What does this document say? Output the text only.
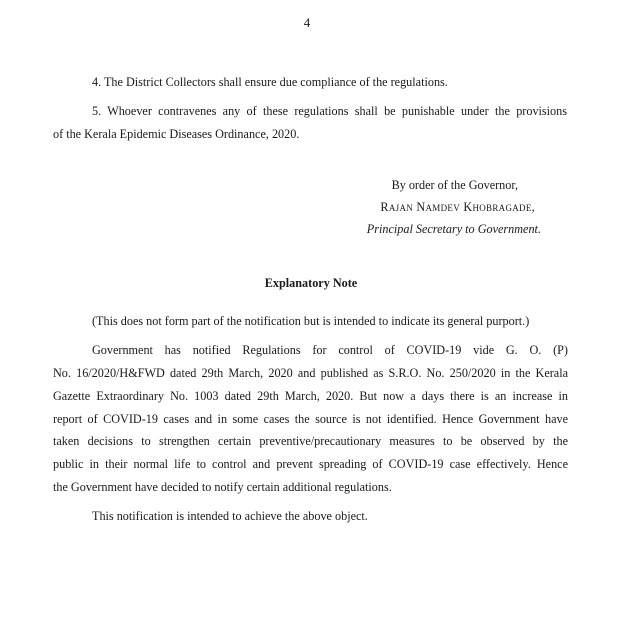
4
4. The District Collectors shall ensure due compliance of the regulations.
5. Whoever contravenes any of these regulations shall be punishable under the provisions
of the Kerala Epidemic Diseases Ordinance, 2020.
By order of the Governor,
Rajan Namdev Khobragade,
Principal Secretary to Government.
Explanatory Note
(This does not form part of the notification but is intended to indicate its general purport.)
Government has notified Regulations for control of COVID-19 vide G. O. (P)
No. 16/2020/H&FWD dated 29th March, 2020 and published as S.R.O. No. 250/2020 in the Kerala
Gazette Extraordinary No. 1003 dated 29th March, 2020. But now a days there is an increase in
report of COVID-19 cases and in some cases the source is not identified. Hence Government have
taken decisions to strengthen certain preventive/precautionary measures to be observed by the
public in their normal life to control and prevent spreading of COVID-19 case effectively. Hence
the Government have decided to notify certain additional regulations.
This notification is intended to achieve the above object.
